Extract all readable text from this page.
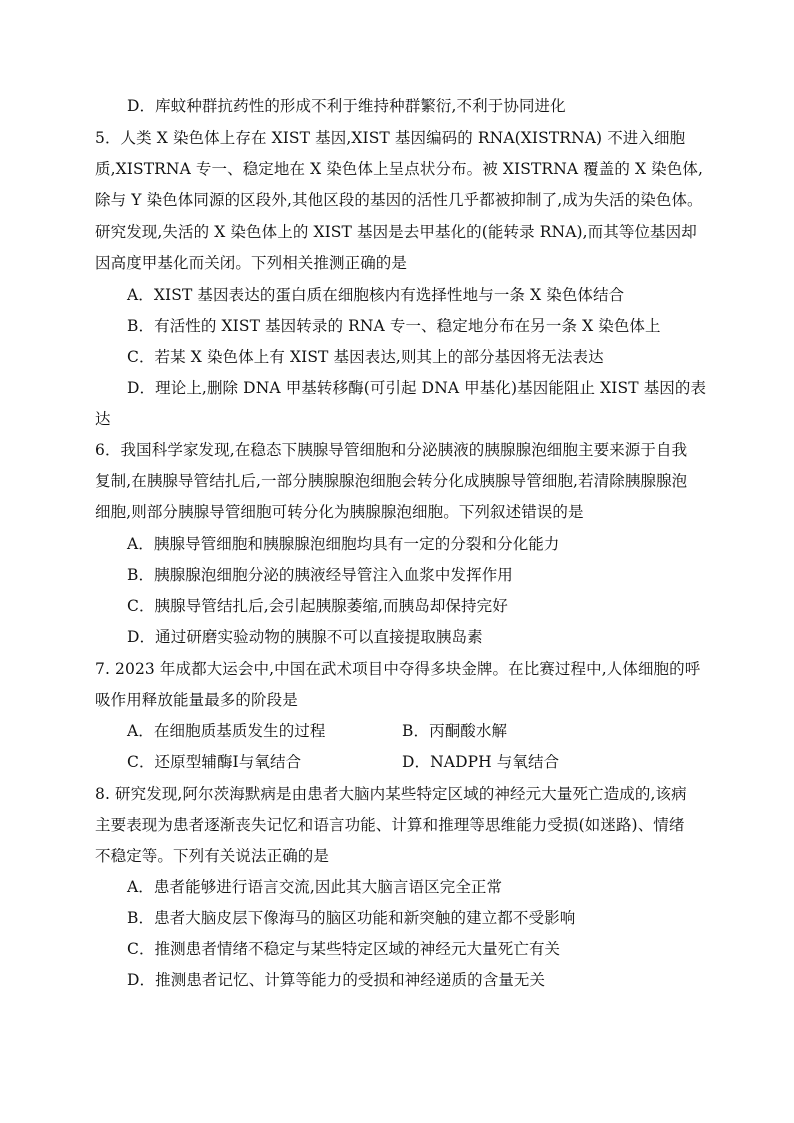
D．库蚊种群抗药性的形成不利于维持种群繁衍,不利于协同进化
5．人类 X 染色体上存在 XIST 基因,XIST 基因编码的 RNA(XISTRNA) 不进入细胞
质,XISTRNA 专一、稳定地在 X 染色体上呈点状分布。被 XISTRNA 覆盖的 X 染色体,
除与 Y 染色体同源的区段外,其他区段的基因的活性几乎都被抑制了,成为失活的染色体。
研究发现,失活的 X 染色体上的 XIST 基因是去甲基化的(能转录 RNA),而其等位基因却
因高度甲基化而关闭。下列相关推测正确的是
A．XIST 基因表达的蛋白质在细胞核内有选择性地与一条 X 染色体结合
B．有活性的 XIST 基因转录的 RNA 专一、稳定地分布在另一条 X 染色体上
C．若某 X 染色体上有 XIST 基因表达,则其上的部分基因将无法表达
D．理论上,删除 DNA 甲基转移酶(可引起 DNA 甲基化)基因能阻止 XIST 基因的表
达
6．我国科学家发现,在稳态下胰腺导管细胞和分泌胰液的胰腺腺泡细胞主要来源于自我
复制,在胰腺导管结扎后,一部分胰腺腺泡细胞会转分化成胰腺导管细胞,若清除胰腺腺泡
细胞,则部分胰腺导管细胞可转分化为胰腺腺泡细胞。下列叙述错误的是
A．胰腺导管细胞和胰腺腺泡细胞均具有一定的分裂和分化能力
B．胰腺腺泡细胞分泌的胰液经导管注入血浆中发挥作用
C．胰腺导管结扎后,会引起胰腺萎缩,而胰岛却保持完好
D．通过研磨实验动物的胰腺不可以直接提取胰岛素
7. 2023 年成都大运会中,中国在武术项目中夺得多块金牌。在比赛过程中,人体细胞的呼
吸作用释放能量最多的阶段是
A．在细胞质基质发生的过程	B．丙酮酸水解
C．还原型辅酶Ⅰ与氧结合	D．NADPH 与氧结合
8. 研究发现,阿尔茨海默病是由患者大脑内某些特定区域的神经元大量死亡造成的,该病
主要表现为患者逐渐丧失记忆和语言功能、计算和推理等思维能力受损(如迷路)、情绪
不稳定等。下列有关说法正确的是
A．患者能够进行语言交流,因此其大脑言语区完全正常
B．患者大脑皮层下像海马的脑区功能和新突触的建立都不受影响
C．推测患者情绪不稳定与某些特定区域的神经元大量死亡有关
D．推测患者记忆、计算等能力的受损和神经递质的含量无关
